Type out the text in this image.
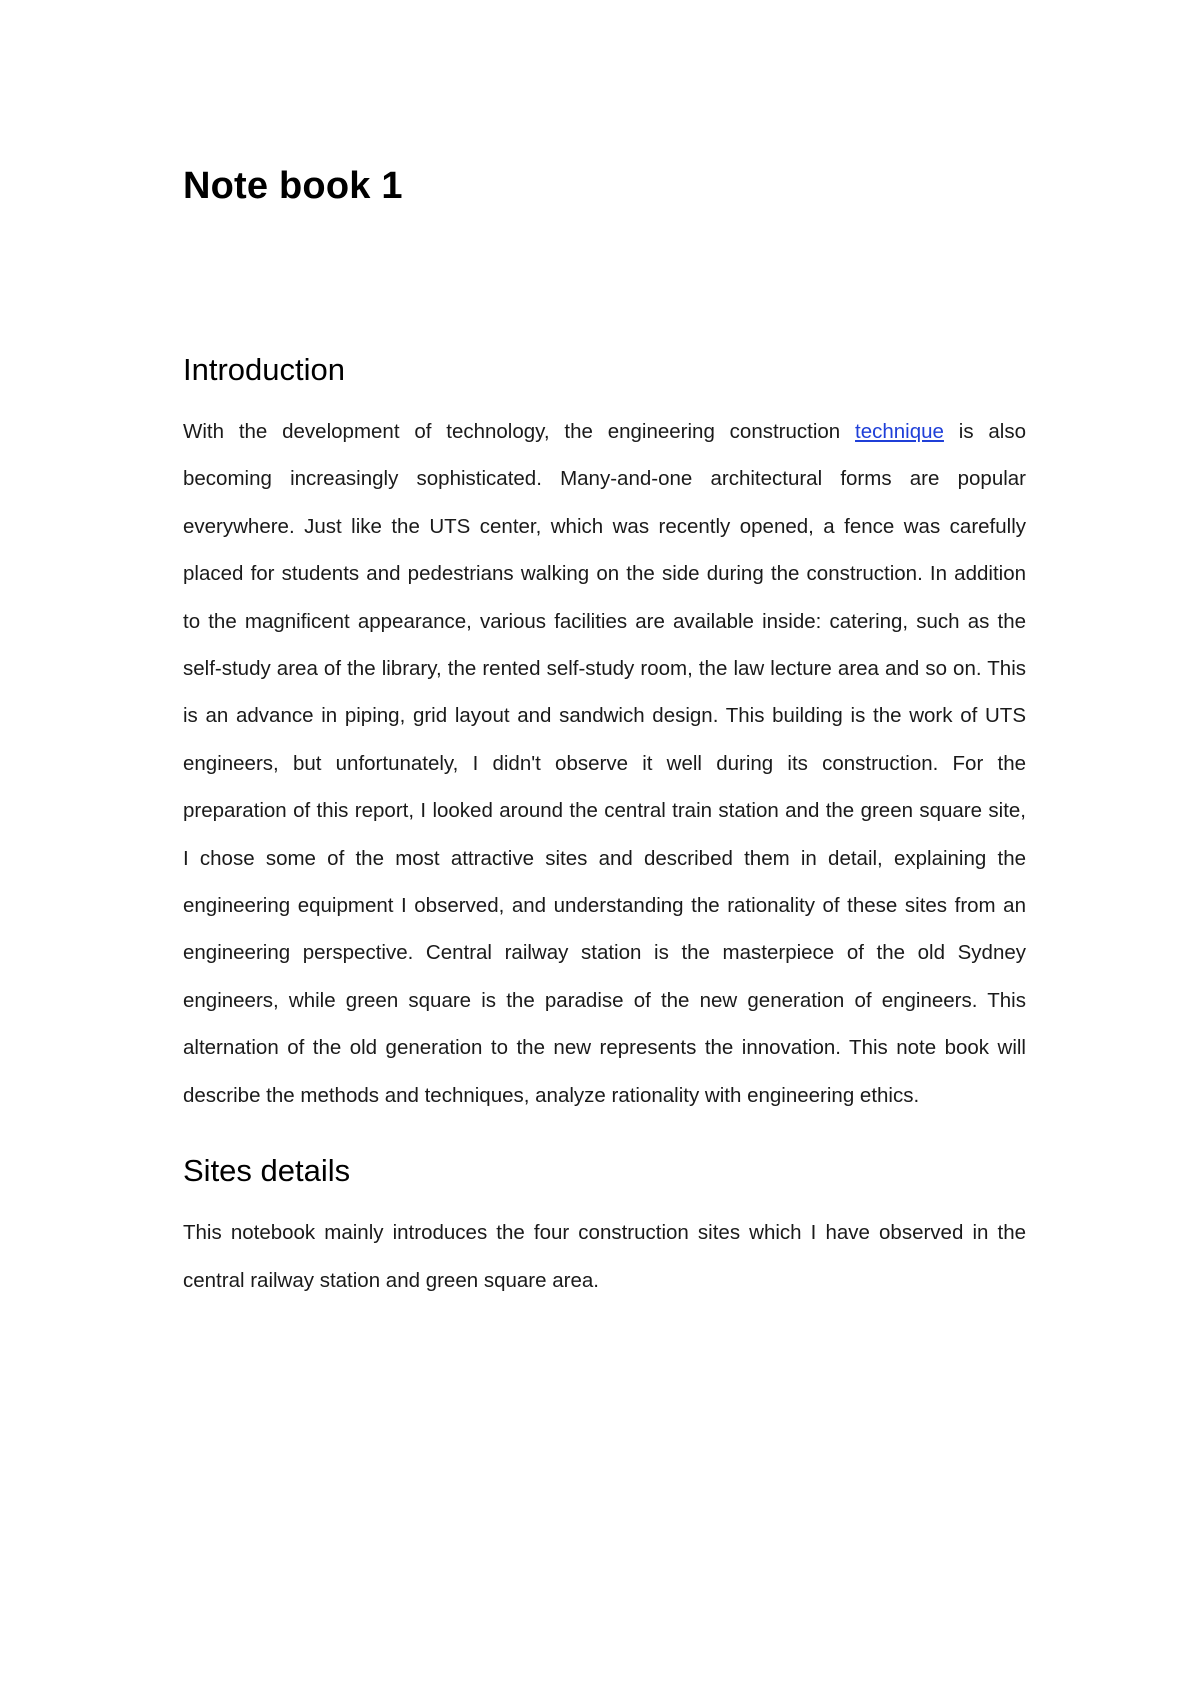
Note book 1
Introduction

With the development of technology, the engineering construction technique is also becoming increasingly sophisticated. Many-and-one architectural forms are popular everywhere. Just like the UTS center, which was recently opened, a fence was carefully placed for students and pedestrians walking on the side during the construction. In addition to the magnificent appearance, various facilities are available inside: catering, such as the self-study area of the library, the rented self-study room, the law lecture area and so on. This is an advance in piping, grid layout and sandwich design. This building is the work of UTS engineers, but unfortunately, I didn't observe it well during its construction. For the preparation of this report, I looked around the central train station and the green square site, I chose some of the most attractive sites and described them in detail, explaining the engineering equipment I observed, and understanding the rationality of these sites from an engineering perspective. Central railway station is the masterpiece of the old Sydney engineers, while green square is the paradise of the new generation of engineers. This alternation of the old generation to the new represents the innovation. This note book will describe the methods and techniques, analyze rationality with engineering ethics.

Sites details

This notebook mainly introduces the four construction sites which I have observed in the central railway station and green square area.
